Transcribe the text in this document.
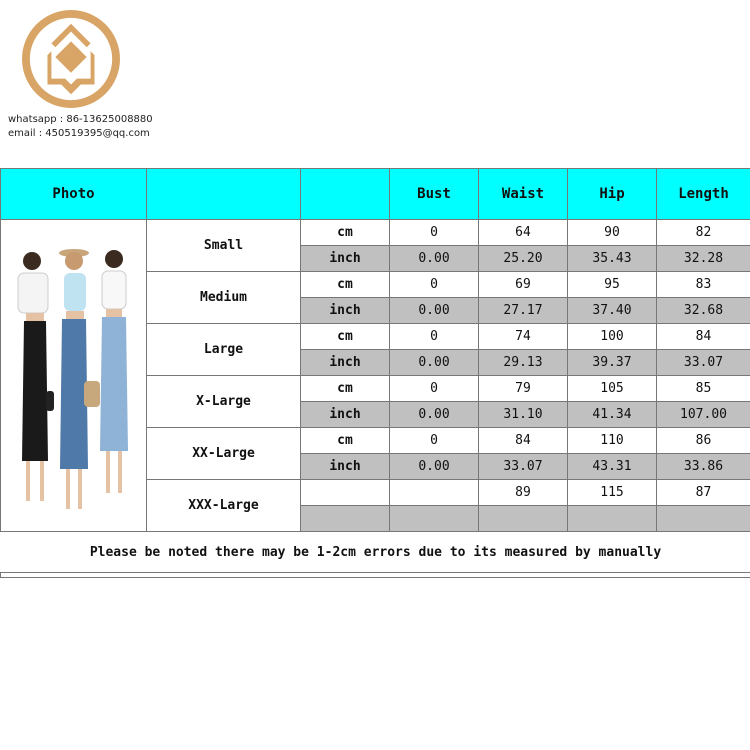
whatsapp : 86-13625008880
email : 450519395@qq.com
Photo			Bust	Waist	Hip	Length

	Small	cm	0	64	90	82
		inch	0.00	25.20	35.43	32.28
	Medium	cm	0	69	95	83
		inch	0.00	27.17	37.40	32.68
	Large	cm	0	74	100	84
		inch	0.00	29.13	39.37	33.07
	X-Large	cm	0	79	105	85
		inch	0.00	31.10	41.34	107.00
	XX-Large	cm	0	84	110	86
		inch	0.00	33.07	43.31	33.86
	XXX-Large			89	115	87

Please be noted there may be 1-2cm errors due to its measured by manually						
